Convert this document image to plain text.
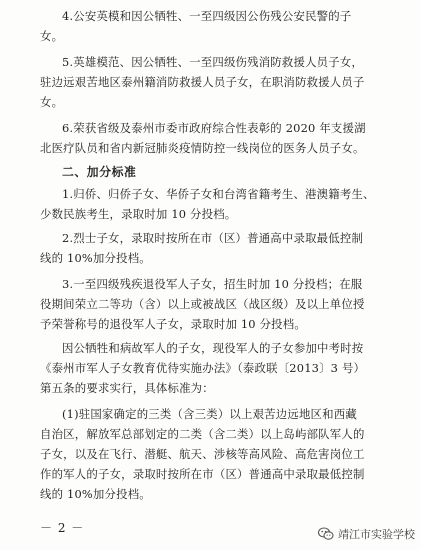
4.公安英模和因公牺牲、一至四级因公伤残公安民警的子
女。
5.英雄模范、因公牺牲、一至四级伤残消防救援人员子女，
驻边远艰苦地区泰州籍消防救援人员子女，在职消防救援人员子
女。
6.荣获省级及泰州市委市政府综合性表彰的 2020 年支援湖
北医疗队员和省内新冠肺炎疫情防控一线岗位的医务人员子女。
二、加分标准
1.归侨、归侨子女、华侨子女和台湾省籍考生、港澳籍考生、
少数民族考生，录取时加 10 分投档。
2.烈士子女，录取时按所在市（区）普通高中录取最低控制
线的 10%加分投档。
3.一至四级残疾退役军人子女，招生时加 10 分投档；在服
役期间荣立二等功（含）以上或被战区（战区级）及以上单位授
予荣誉称号的退役军人子女，录取时加 10 分投档。
因公牺牲和病故军人的子女，现役军人的子女参加中考时按
《泰州市军人子女教育优待实施办法》（泰政联〔2013〕3 号）
第五条的要求实行，具体标准为：
(1)驻国家确定的三类（含三类）以上艰苦边远地区和西藏
自治区，解放军总部划定的二类（含二类）以上岛屿部队军人的
子女，以及在飞行、潜艇、航天、涉核等高风险、高危害岗位工
作的军人的子女，录取时按所在市（区）普通高中录取最低控制
线的 10%加分投档。
－ 2 －	靖江市实验学校
